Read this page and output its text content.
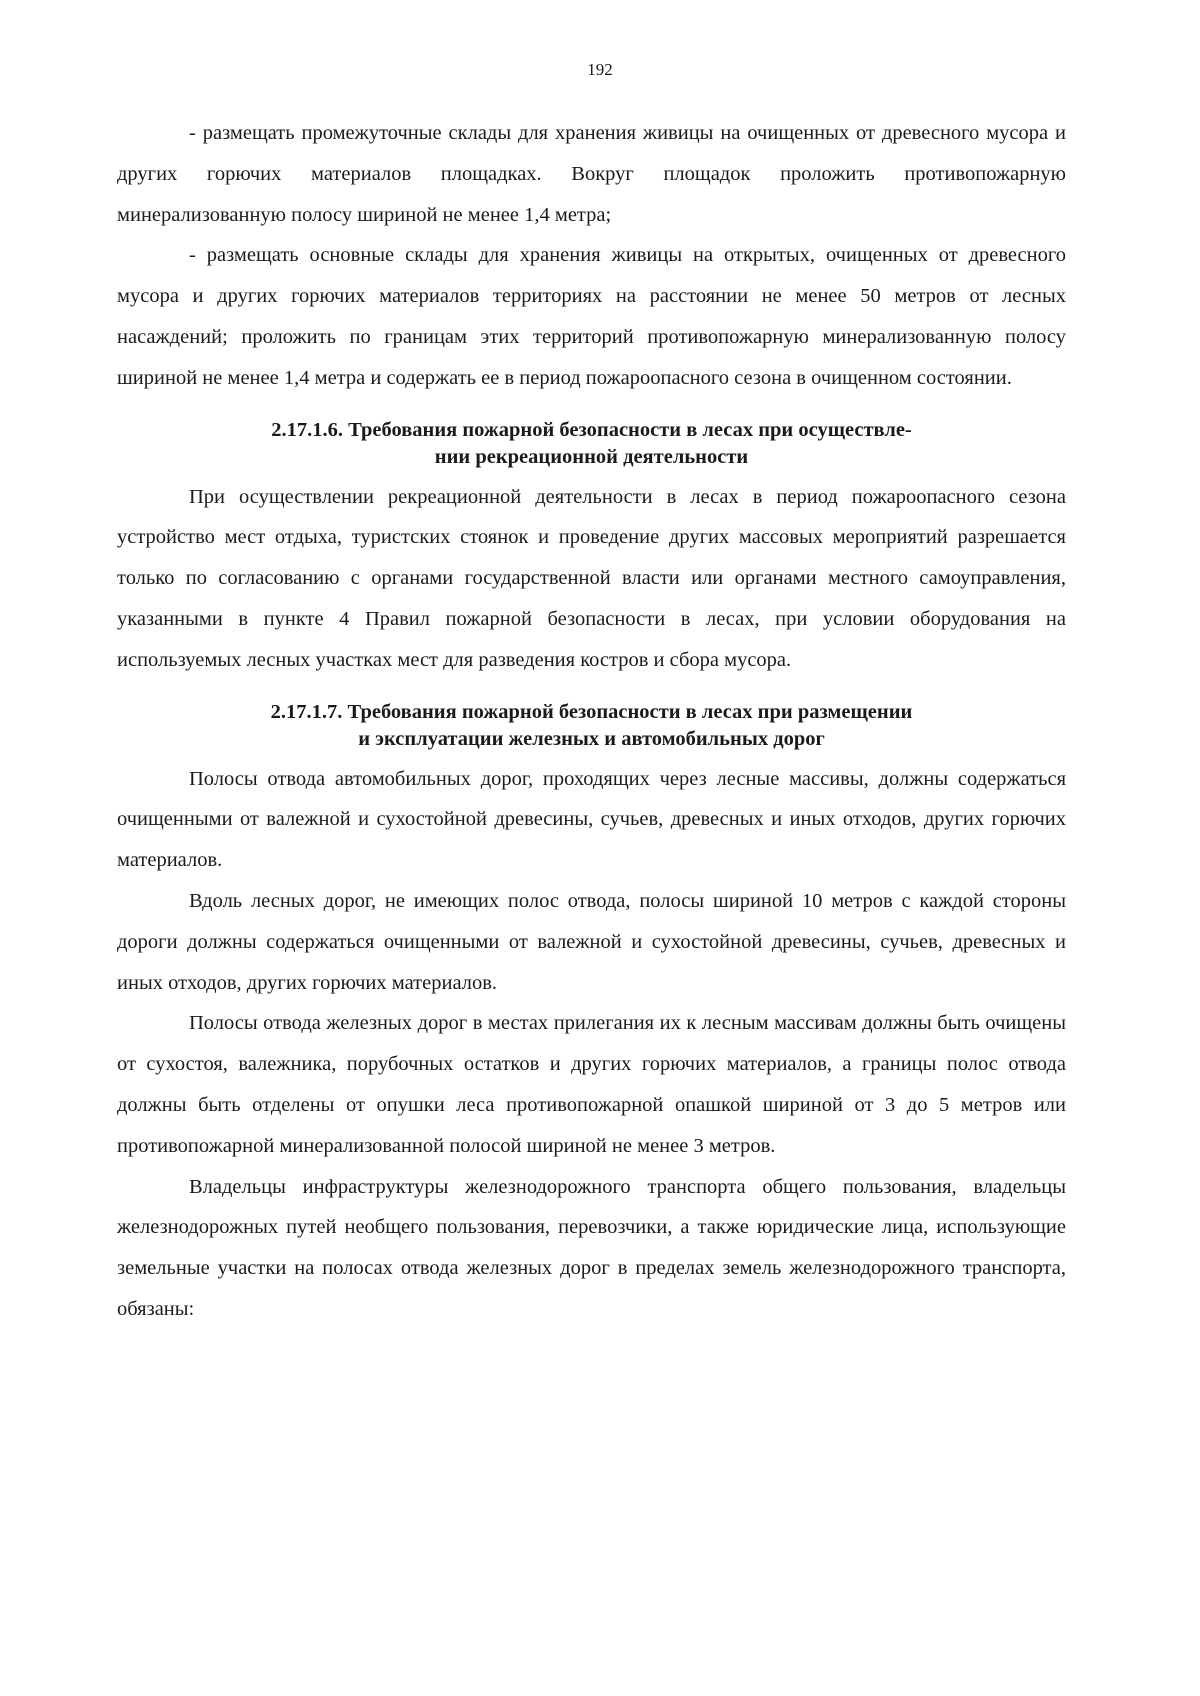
192

- размещать промежуточные склады для хранения живицы на очищенных от древесного мусора и других горючих материалов площадках. Вокруг площадок проложить противопожарную минерализованную полосу шириной не менее 1,4 метра;

- размещать основные склады для хранения живицы на открытых, очищенных от древесного мусора и других горючих материалов территориях на расстоянии не менее 50 метров от лесных насаждений; проложить по границам этих территорий противопожарную минерализованную полосу шириной не менее 1,4 метра и содержать ее в период пожароопасного сезона в очищенном состоянии.

2.17.1.6. Требования пожарной безопасности в лесах при осуществле-
нии рекреационной деятельности

При осуществлении рекреационной деятельности в лесах в период пожароопасного сезона устройство мест отдыха, туристских стоянок и проведение других массовых мероприятий разрешается только по согласованию с органами государственной власти или органами местного самоуправления, указанными в пункте 4 Правил пожарной безопасности в лесах, при условии оборудования на используемых лесных участках мест для разведения костров и сбора мусора.

2.17.1.7. Требования пожарной безопасности в лесах при размещении
и эксплуатации железных и автомобильных дорог

Полосы отвода автомобильных дорог, проходящих через лесные массивы, должны содержаться очищенными от валежной и сухостойной древесины, сучьев, древесных и иных отходов, других горючих материалов.

Вдоль лесных дорог, не имеющих полос отвода, полосы шириной 10 метров с каждой стороны дороги должны содержаться очищенными от валежной и сухостойной древесины, сучьев, древесных и иных отходов, других горючих материалов.

Полосы отвода железных дорог в местах прилегания их к лесным массивам должны быть очищены от сухостоя, валежника, порубочных остатков и других горючих материалов, а границы полос отвода должны быть отделены от опушки леса противопожарной опашкой шириной от 3 до 5 метров или противопожарной минерализованной полосой шириной не менее 3 метров.

Владельцы инфраструктуры железнодорожного транспорта общего пользования, владельцы железнодорожных путей необщего пользования, перевозчики, а также юридические лица, использующие земельные участки на полосах отвода железных дорог в пределах земель железнодорожного транспорта, обязаны:
